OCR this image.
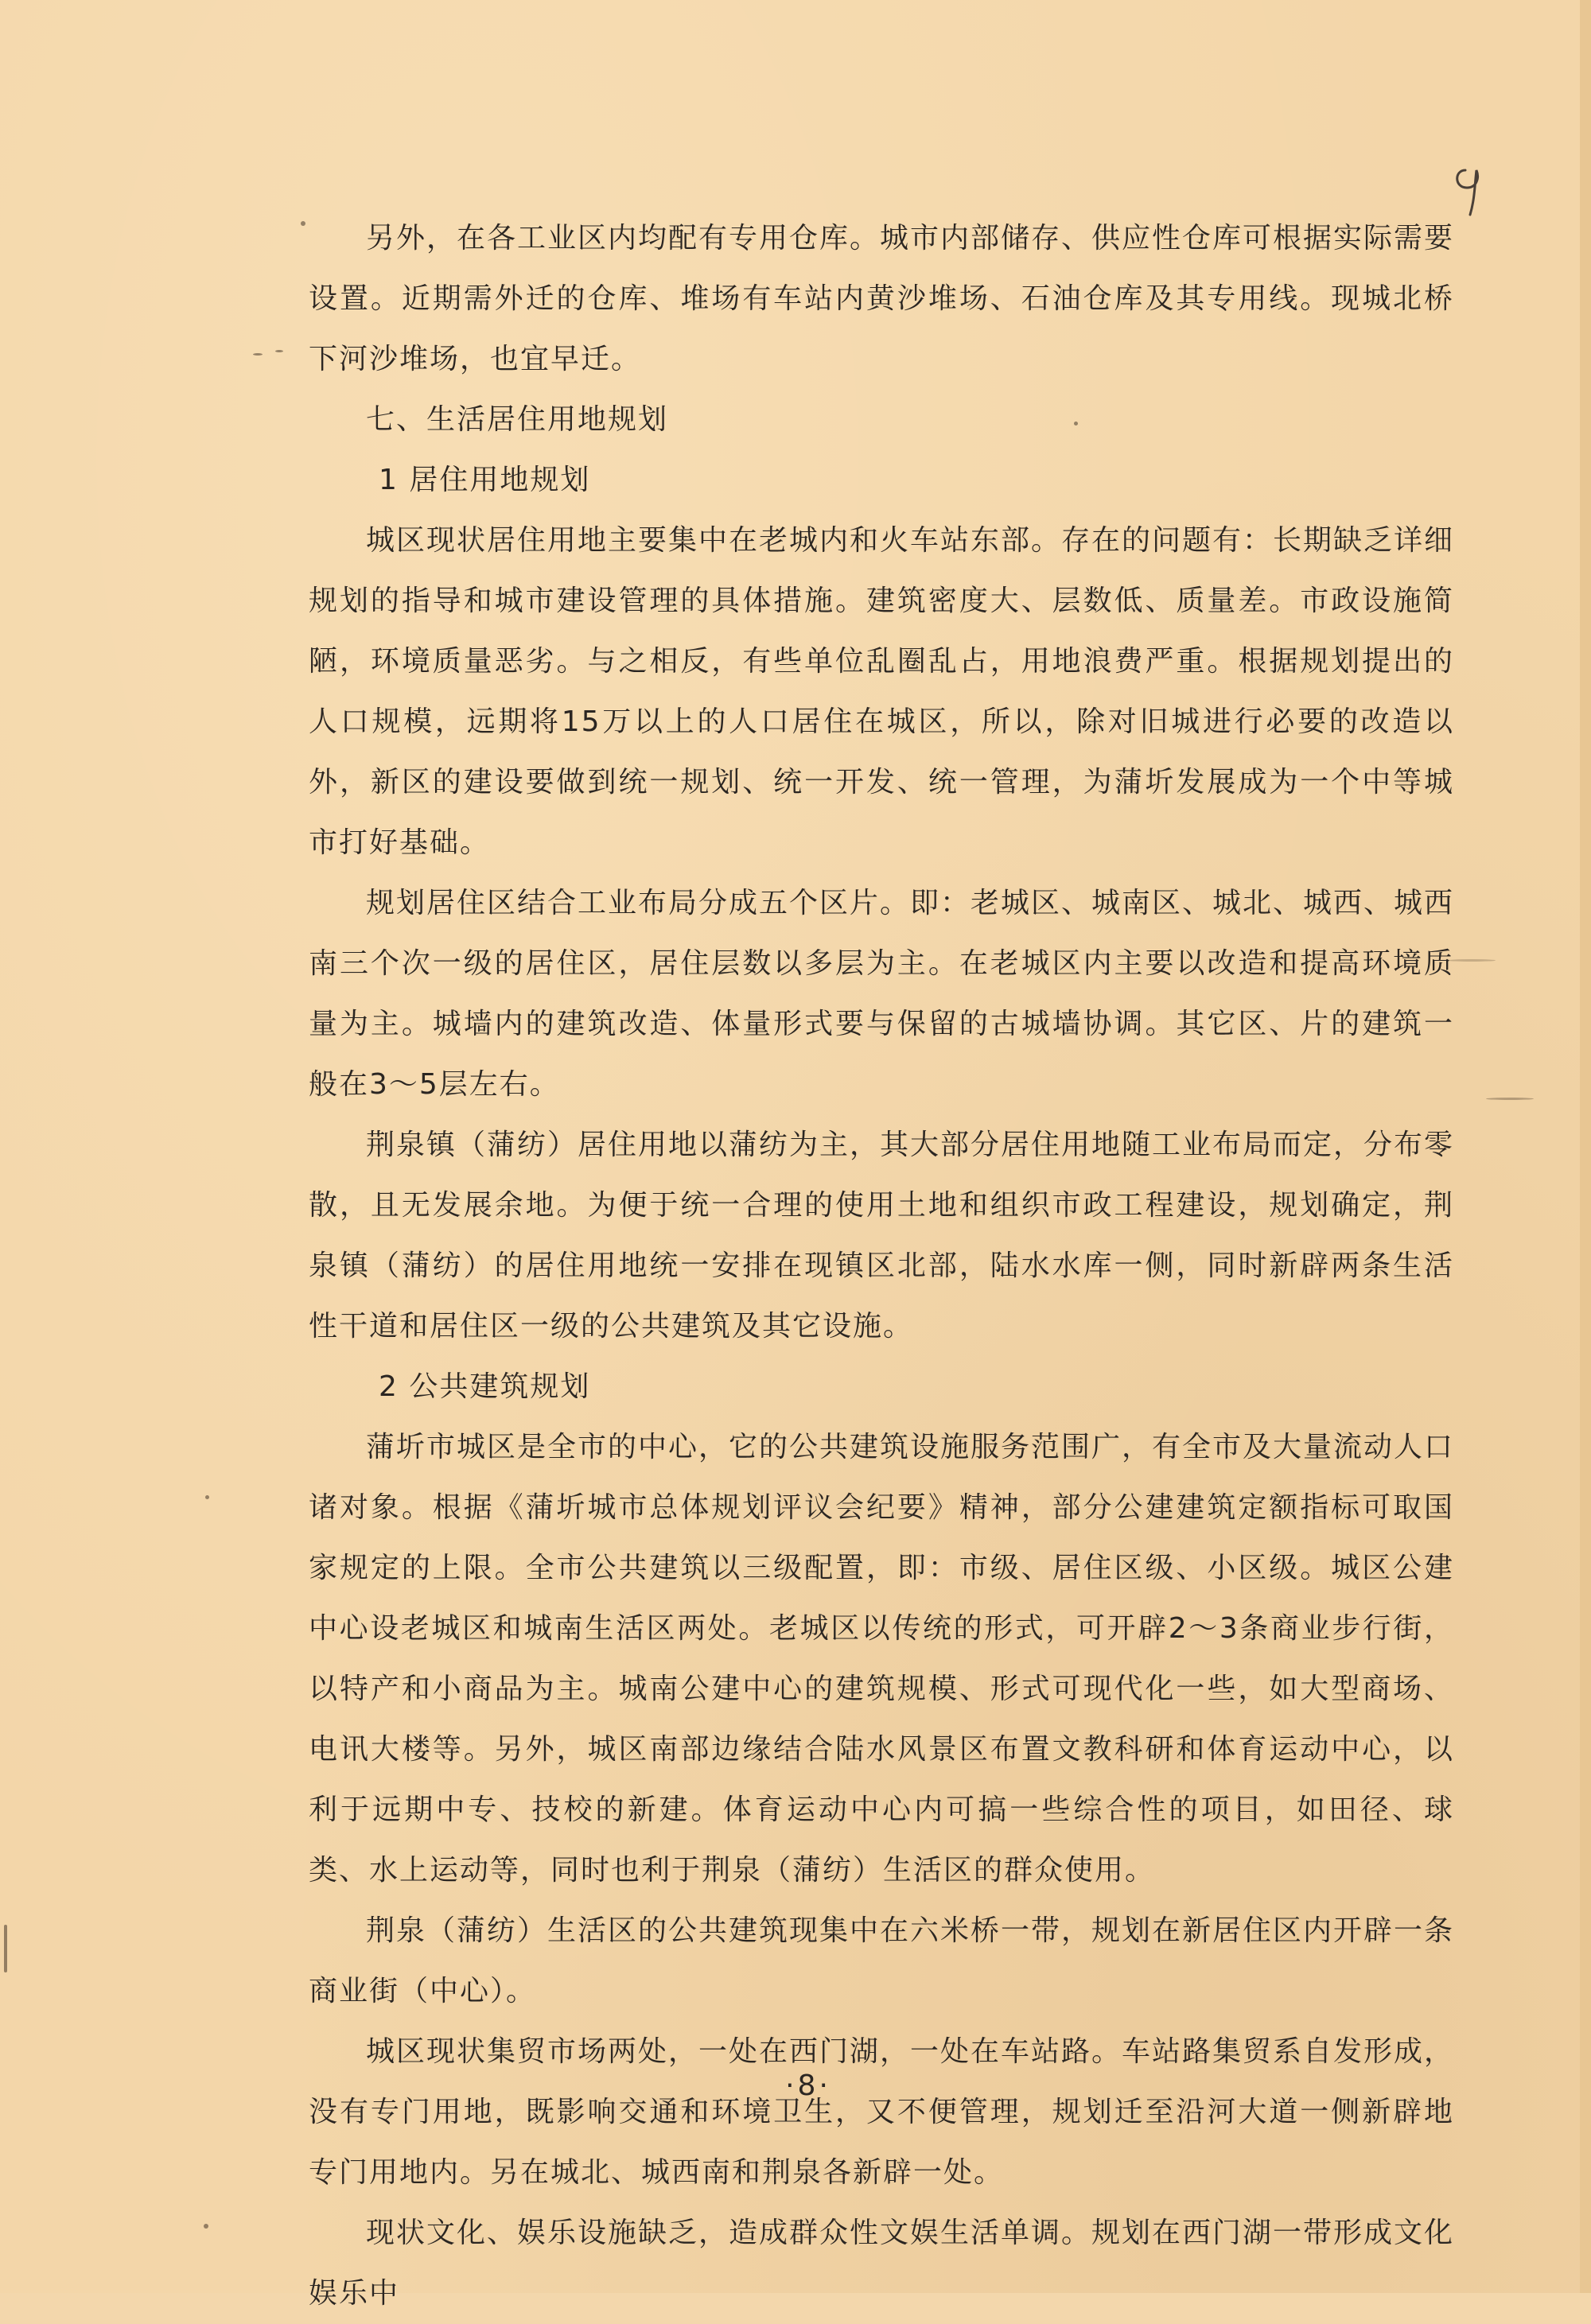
另外，在各工业区内均配有专用仓库。城市内部储存、供应性仓库可根据实际需要设置。近期需外迁的仓库、堆场有车站内黄沙堆场、石油仓库及其专用线。现城北桥下河沙堆场，也宜早迁。

七、生活居住用地规划

1 居住用地规划

城区现状居住用地主要集中在老城内和火车站东部。存在的问题有：长期缺乏详细规划的指导和城市建设管理的具体措施。建筑密度大、层数低、质量差。市政设施简陋，环境质量恶劣。与之相反，有些单位乱圈乱占，用地浪费严重。根据规划提出的人口规模，远期将15万以上的人口居住在城区，所以，除对旧城进行必要的改造以外，新区的建设要做到统一规划、统一开发、统一管理，为蒲圻发展成为一个中等城市打好基础。

规划居住区结合工业布局分成五个区片。即：老城区、城南区、城北、城西、城西南三个次一级的居住区，居住层数以多层为主。在老城区内主要以改造和提高环境质量为主。城墙内的建筑改造、体量形式要与保留的古城墙协调。其它区、片的建筑一般在3～5层左右。

荆泉镇（蒲纺）居住用地以蒲纺为主，其大部分居住用地随工业布局而定，分布零散，且无发展余地。为便于统一合理的使用土地和组织市政工程建设，规划确定，荆泉镇（蒲纺）的居住用地统一安排在现镇区北部，陆水水库一侧，同时新辟两条生活性干道和居住区一级的公共建筑及其它设施。

2 公共建筑规划

蒲圻市城区是全市的中心，它的公共建筑设施服务范围广，有全市及大量流动人口诸对象。根据《蒲圻城市总体规划评议会纪要》精神，部分公建建筑定额指标可取国家规定的上限。全市公共建筑以三级配置，即：市级、居住区级、小区级。城区公建中心设老城区和城南生活区两处。老城区以传统的形式，可开辟2～3条商业步行街，以特产和小商品为主。城南公建中心的建筑规模、形式可现代化一些，如大型商场、电讯大楼等。另外，城区南部边缘结合陆水风景区布置文教科研和体育运动中心，以利于远期中专、技校的新建。体育运动中心内可搞一些综合性的项目，如田径、球类、水上运动等，同时也利于荆泉（蒲纺）生活区的群众使用。

荆泉（蒲纺）生活区的公共建筑现集中在六米桥一带，规划在新居住区内开辟一条商业街（中心）。

城区现状集贸市场两处，一处在西门湖，一处在车站路。车站路集贸系自发形成，没有专门用地，既影响交通和环境卫生，又不便管理，规划迁至沿河大道一侧新辟地专门用地内。另在城北、城西南和荆泉各新辟一处。

现状文化、娱乐设施缺乏，造成群众性文娱生活单调。规划在西门湖一带形成文化娱乐中

·8·
